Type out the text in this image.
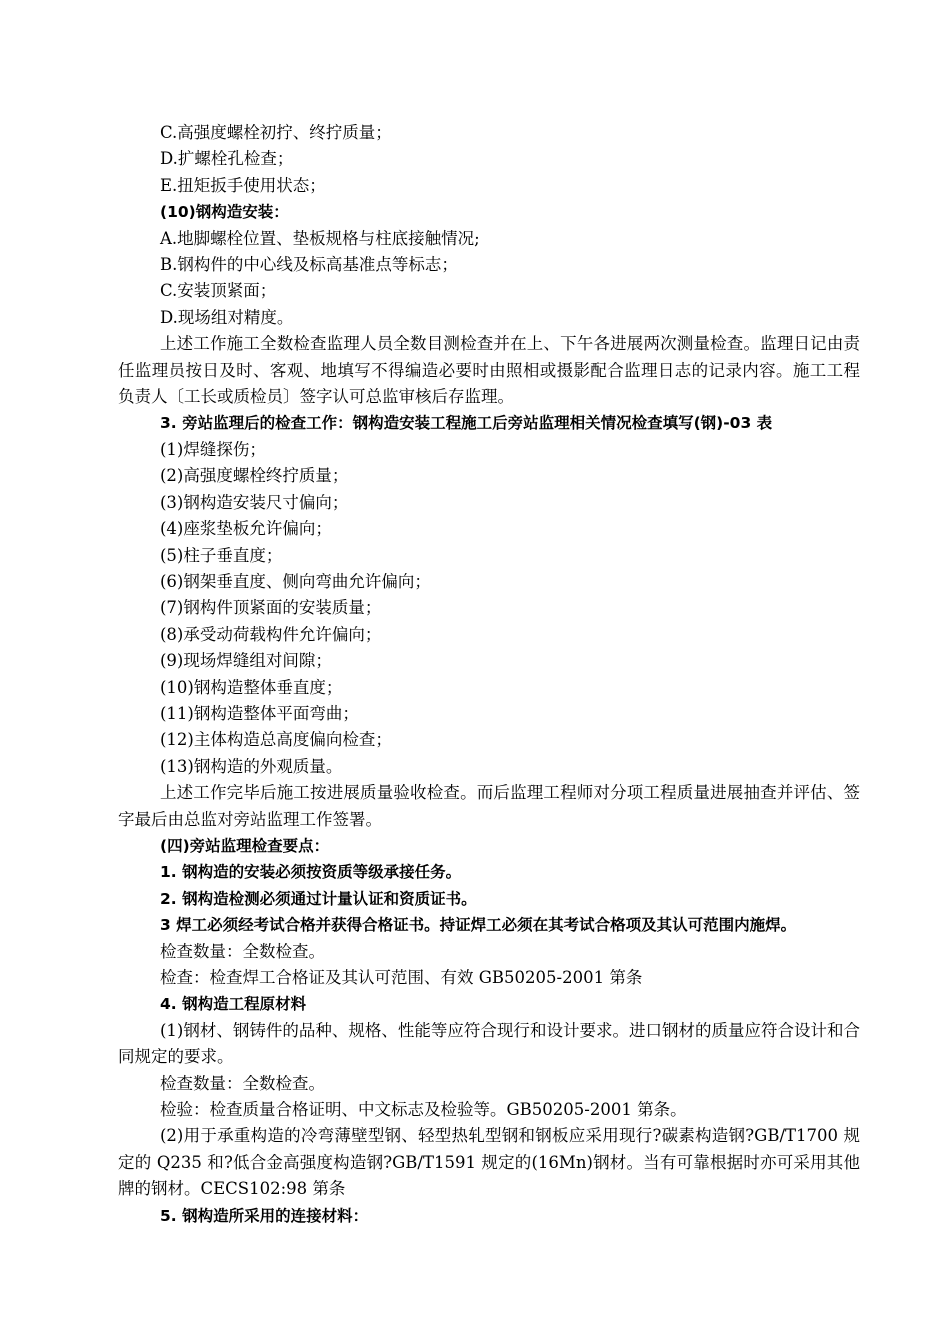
C.高强度螺栓初拧、终拧质量；
D.扩螺栓孔检查；
E.扭矩扳手使用状态；
(10)钢构造安装：
A.地脚螺栓位置、垫板规格与柱底接触情况;
B.钢构件的中心线及标高基准点等标志；
C.安装顶紧面；
D.现场组对精度。

上述工作施工全数检查监理人员全数目测检查并在上、下午各进展两次测量检查。监理日记由责任监理员按日及时、客观、地填写不得编造必要时由照相或摄影配合监理日志的记录内容。施工工程负责人〔工长或质检员〕签字认可总监审核后存监理。

3. 旁站监理后的检查工作：钢构造安装工程施工后旁站监理相关情况检查填写(钢)-03 表

(1)焊缝探伤；
(2)高强度螺栓终拧质量；
(3)钢构造安装尺寸偏向；
(4)座浆垫板允许偏向；
(5)柱子垂直度；
(6)钢架垂直度、侧向弯曲允许偏向；
(7)钢构件顶紧面的安装质量；
(8)承受动荷载构件允许偏向；
(9)现场焊缝组对间隙；
(10)钢构造整体垂直度；
(11)钢构造整体平面弯曲；
(12)主体构造总高度偏向检查；
(13)钢构造的外观质量。

上述工作完毕后施工按进展质量验收检查。而后监理工程师对分项工程质量进展抽查并评估、签字最后由总监对旁站监理工作签署。

(四)旁站监理检查要点：
1. 钢构造的安装必须按资质等级承接任务。
2. 钢构造检测必须通过计量认证和资质证书。

3 焊工必须经考试合格并获得合格证书。持证焊工必须在其考试合格项及其认可范围内施焊。

检查数量：全数检查。
检查：检查焊工合格证及其认可范围、有效 GB50205-2001 第条
4. 钢构造工程原材料

(1)钢材、钢铸件的品种、规格、性能等应符合现行和设计要求。进口钢材的质量应符合设计和合同规定的要求。

检查数量：全数检查。
检验：检查质量合格证明、中文标志及检验等。GB50205-2001 第条。

(2)用于承重构造的冷弯薄壁型钢、轻型热轧型钢和钢板应采用现行?碳素构造钢?GB/T1700 规定的 Q235 和?低合金高强度构造钢?GB/T1591 规定的(16Mn)钢材。当有可靠根据时亦可采用其他牌的钢材。CECS102:98 第条

5. 钢构造所采用的连接材料：
